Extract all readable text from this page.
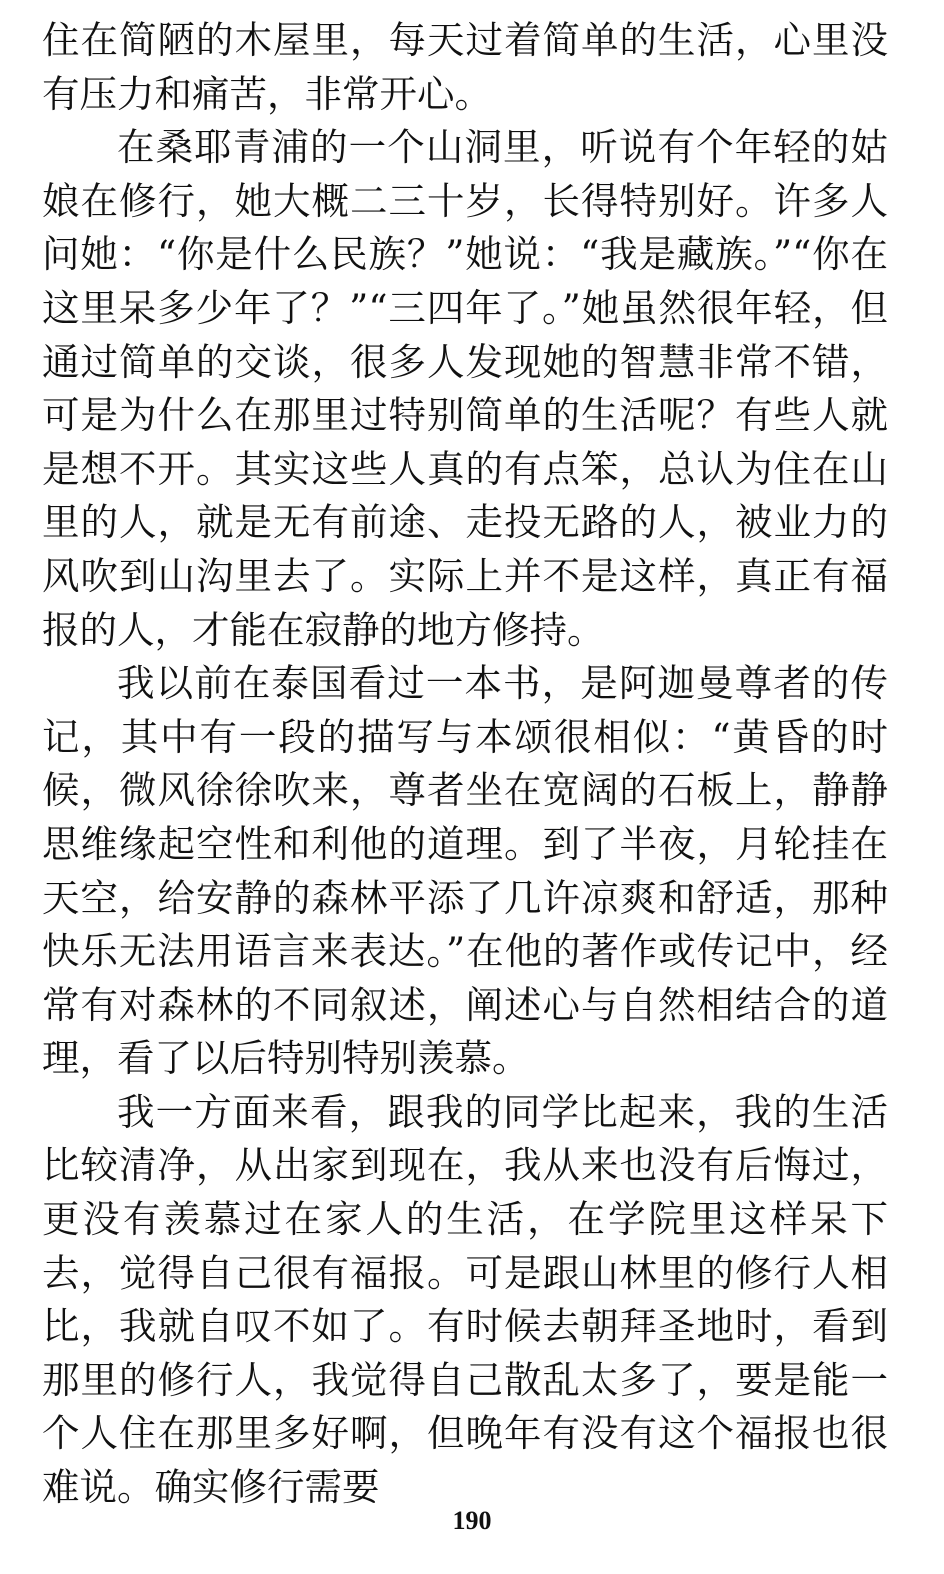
住在简陋的木屋里，每天过着简单的生活，心里没有压力和痛苦，非常开心。

在桑耶青浦的一个山洞里，听说有个年轻的姑娘在修行，她大概二三十岁，长得特别好。许多人问她：“你是什么民族？”她说：“我是藏族。”“你在这里呆多少年了？”“三四年了。”她虽然很年轻，但通过简单的交谈，很多人发现她的智慧非常不错，可是为什么在那里过特别简单的生活呢？有些人就是想不开。其实这些人真的有点笨，总认为住在山里的人，就是无有前途、走投无路的人，被业力的风吹到山沟里去了。实际上并不是这样，真正有福报的人，才能在寂静的地方修持。

我以前在泰国看过一本书，是阿迦曼尊者的传记，其中有一段的描写与本颂很相似：“黄昏的时候，微风徐徐吹来，尊者坐在宽阔的石板上，静静思维缘起空性和利他的道理。到了半夜，月轮挂在天空，给安静的森林平添了几许凉爽和舒适，那种快乐无法用语言来表达。”在他的著作或传记中，经常有对森林的不同叙述，阐述心与自然相结合的道理，看了以后特别特别羡慕。

我一方面来看，跟我的同学比起来，我的生活比较清净，从出家到现在，我从来也没有后悔过，更没有羡慕过在家人的生活，在学院里这样呆下去，觉得自己很有福报。可是跟山林里的修行人相比，我就自叹不如了。有时候去朝拜圣地时，看到那里的修行人，我觉得自己散乱太多了，要是能一个人住在那里多好啊，但晚年有没有这个福报也很难说。确实修行需要

190
